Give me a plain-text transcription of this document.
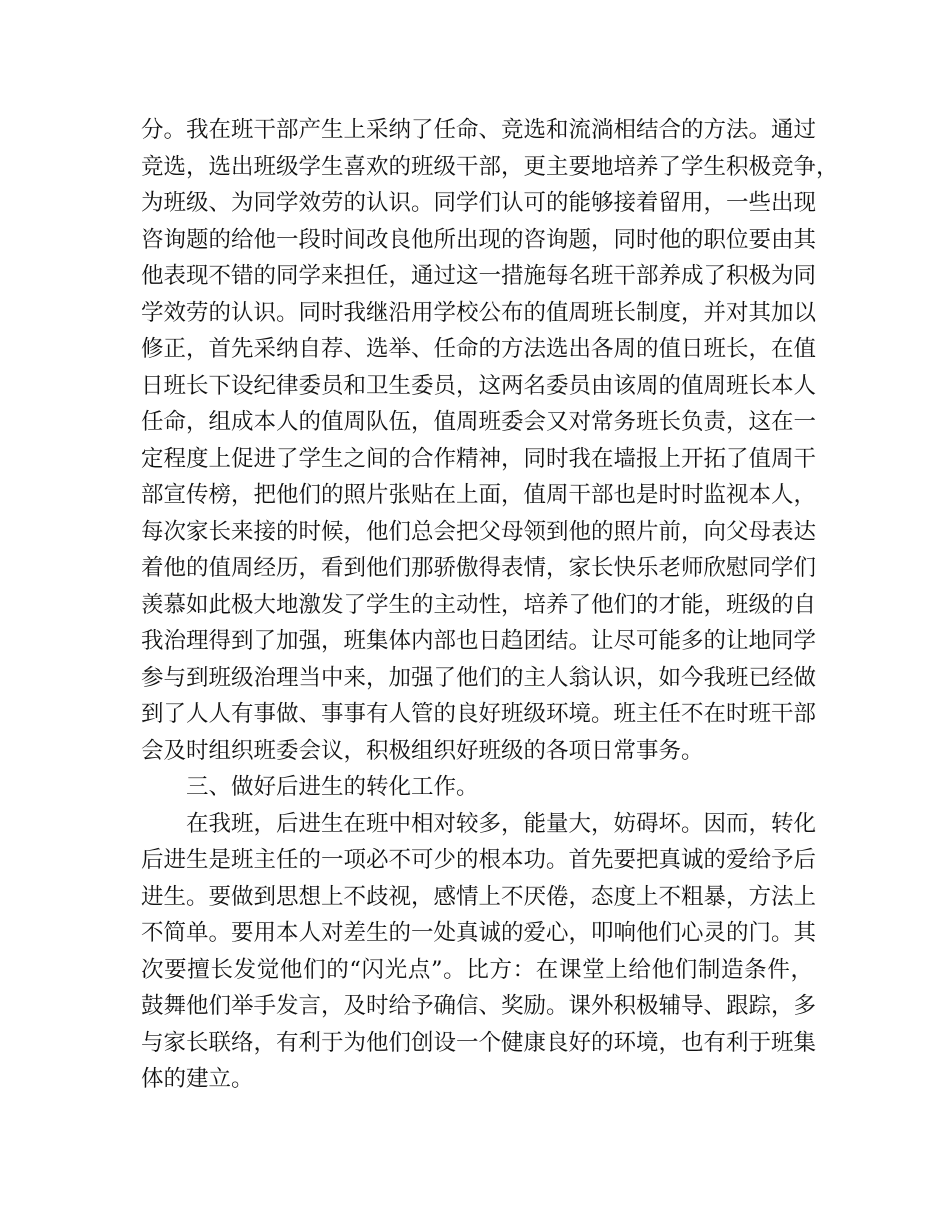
分。我在班干部产生上采纳了任命、竞选和流淌相结合的方法。通过
竞选，选出班级学生喜欢的班级干部，更主要地培养了学生积极竞争，
为班级、为同学效劳的认识。同学们认可的能够接着留用，一些出现
咨询题的给他一段时间改良他所出现的咨询题，同时他的职位要由其
他表现不错的同学来担任，通过这一措施每名班干部养成了积极为同
学效劳的认识。同时我继沿用学校公布的值周班长制度，并对其加以
修正，首先采纳自荐、选举、任命的方法选出各周的值日班长，在值
日班长下设纪律委员和卫生委员，这两名委员由该周的值周班长本人
任命，组成本人的值周队伍，值周班委会又对常务班长负责，这在一
定程度上促进了学生之间的合作精神，同时我在墙报上开拓了值周干
部宣传榜，把他们的照片张贴在上面，值周干部也是时时监视本人，
每次家长来接的时候，他们总会把父母领到他的照片前，向父母表达
着他的值周经历，看到他们那骄傲得表情，家长快乐老师欣慰同学们
羡慕如此极大地激发了学生的主动性，培养了他们的才能，班级的自
我治理得到了加强，班集体内部也日趋团结。让尽可能多的让地同学
参与到班级治理当中来，加强了他们的主人翁认识，如今我班已经做
到了人人有事做、事事有人管的良好班级环境。班主任不在时班干部
会及时组织班委会议，积极组织好班级的各项日常事务。
三、做好后进生的转化工作。
在我班，后进生在班中相对较多，能量大，妨碍坏。因而，转化
后进生是班主任的一项必不可少的根本功。首先要把真诚的爱给予后
进生。要做到思想上不歧视，感情上不厌倦，态度上不粗暴，方法上
不简单。要用本人对差生的一处真诚的爱心，叩响他们心灵的门。其
次要擅长发觉他们的“闪光点”。比方：在课堂上给他们制造条件，
鼓舞他们举手发言，及时给予确信、奖励。课外积极辅导、跟踪，多
与家长联络，有利于为他们创设一个健康良好的环境，也有利于班集
体的建立。
